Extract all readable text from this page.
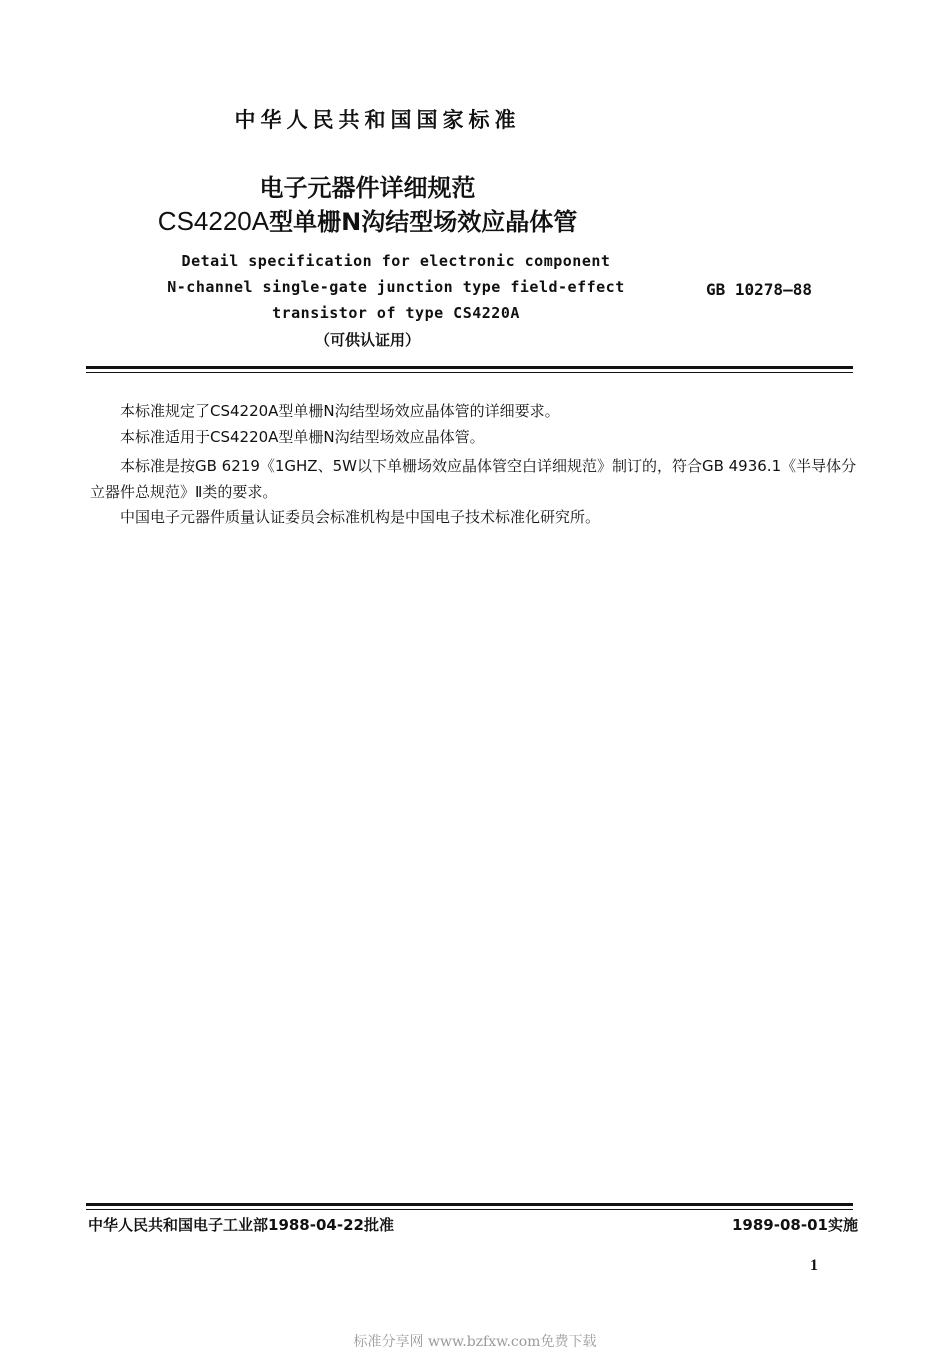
中华人民共和国国家标准
电子元器件详细规范
CS4220A型单栅N沟结型场效应晶体管
Detail specification for electronic component
N-channel single-gate junction type field-effect
transistor of type CS4220A
（可供认证用）
GB 10278—88
本标准规定了CS4220A型单栅N沟结型场效应晶体管的详细要求。
本标准适用于CS4220A型单栅N沟结型场效应晶体管。
本标准是按GB 6219《1GHZ、5W以下单栅场效应晶体管空白详细规范》制订的，符合GB 4936.1《半导体分立器件总规范》Ⅱ类的要求。
中国电子元器件质量认证委员会标准机构是中国电子技术标准化研究所。
中华人民共和国电子工业部1988-04-22批准	1989-08-01实施
1
标准分享网 www.bzfxw.com免费下载
